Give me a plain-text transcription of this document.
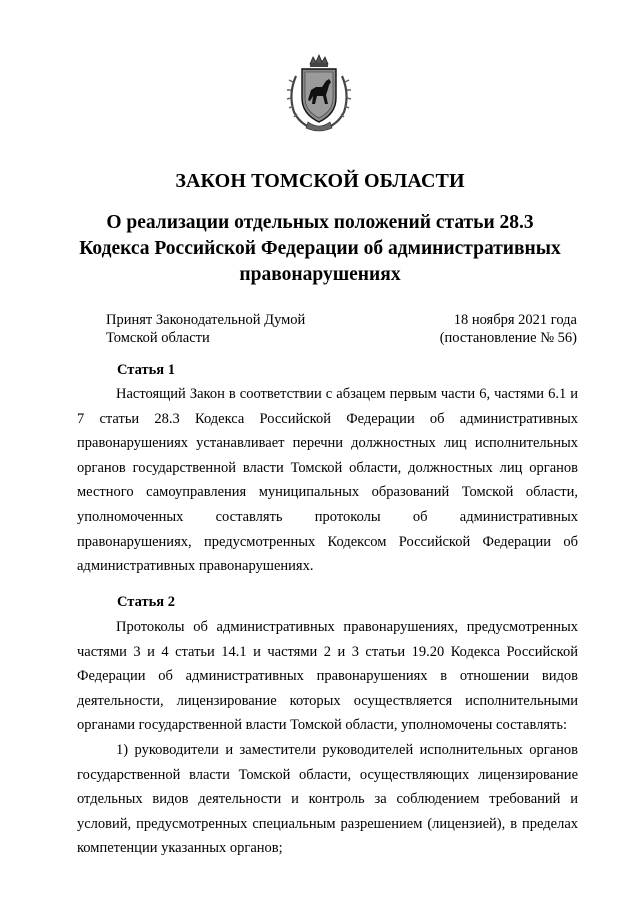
ЗАКОН ТОМСКОЙ ОБЛАСТИ
О реализации отдельных положений статьи 28.3
Кодекса Российской Федерации об административных
правонарушениях
Принят Законодательной Думой
Томской области
18 ноября 2021 года
(постановление № 56)
Статья 1

Настоящий Закон в соответствии с абзацем первым части 6, частями 6.1 и 7 статьи 28.3 Кодекса Российской Федерации об административных правонарушениях устанавливает перечни должностных лиц исполнительных органов государственной власти Томской области, должностных лиц органов местного самоуправления муниципальных образований Томской области, уполномоченных составлять протоколы об административных правонарушениях, предусмотренных Кодексом Российской Федерации об административных правонарушениях.

Статья 2

Протоколы об административных правонарушениях, предусмотренных частями 3 и 4 статьи 14.1 и частями 2 и 3 статьи 19.20 Кодекса Российской Федерации об административных правонарушениях в отношении видов деятельности, лицензирование которых осуществляется исполнительными органами государственной власти Томской области, уполномочены составлять:

1) руководители и заместители руководителей исполнительных органов государственной власти Томской области, осуществляющих лицензирование отдельных видов деятельности и контроль за соблюдением требований и условий, предусмотренных специальным разрешением (лицензией), в пределах компетенции указанных органов;
